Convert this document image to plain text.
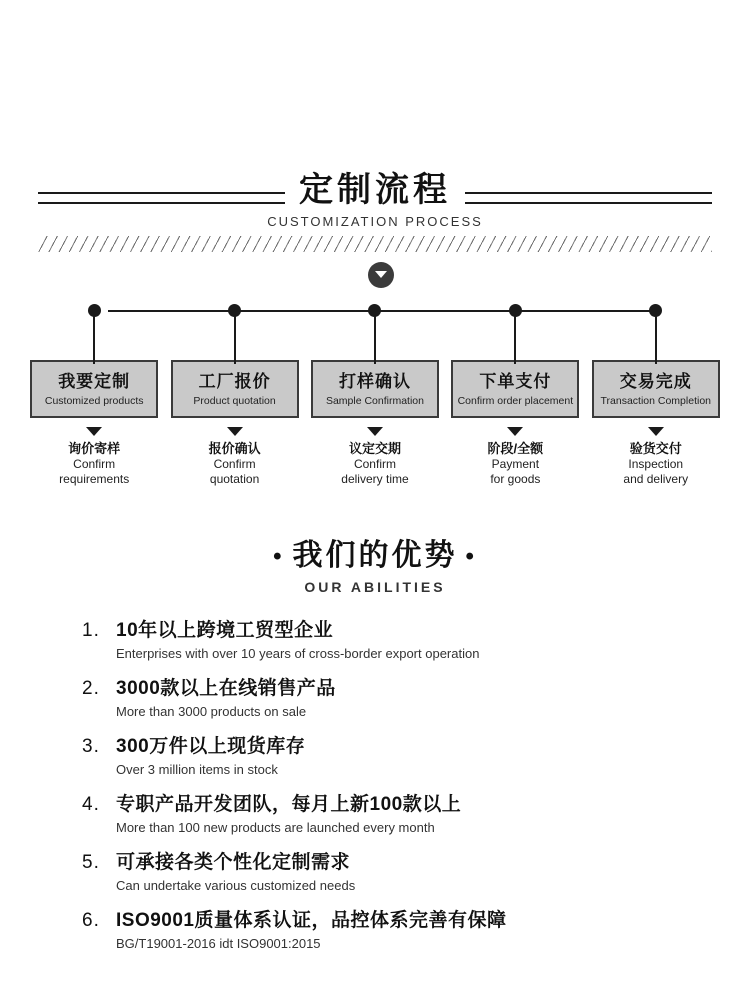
定制流程
CUSTOMIZATION PROCESS
我要定制
Customized products
询价寄样
Confirm
requirements
工厂报价
Product quotation
报价确认
Confirm
quotation
打样确认
Sample Confirmation
议定交期
Confirm
delivery time
下单支付
Confirm order placement
阶段/全额
Payment
for goods
交易完成
Transaction Completion
验货交付
Inspection
and delivery
• 我们的优势 •
OUR ABILITIES
1. 10年以上跨境工贸型企业
Enterprises with over 10 years of cross-border export operation
2. 3000款以上在线销售产品
More than 3000 products on sale
3. 300万件以上现货库存
Over 3 million items in stock
4. 专职产品开发团队，每月上新100款以上
More than 100 new products are launched every month
5. 可承接各类个性化定制需求
Can undertake various customized needs
6. ISO9001质量体系认证，品控体系完善有保障
BG/T19001-2016 idt ISO9001:2015
